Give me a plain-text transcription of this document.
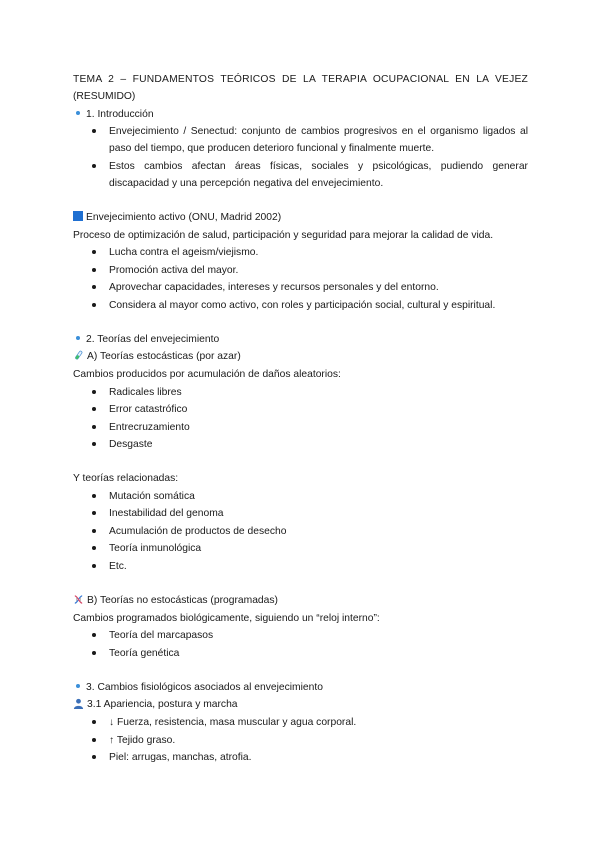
TEMA 2 – FUNDAMENTOS TEÓRICOS DE LA TERAPIA OCUPACIONAL EN LA VEJEZ
(RESUMIDO)
1. Introducción
Envejecimiento / Senectud: conjunto de cambios progresivos en el organismo ligados al
paso del tiempo, que producen deterioro funcional y finalmente muerte.
Estos cambios afectan áreas físicas, sociales y psicológicas, pudiendo generar
discapacidad y una percepción negativa del envejecimiento.
Envejecimiento activo (ONU, Madrid 2002)
Proceso de optimización de salud, participación y seguridad para mejorar la calidad de vida.
Lucha contra el ageism/viejismo.
Promoción activa del mayor.
Aprovechar capacidades, intereses y recursos personales y del entorno.
Considera al mayor como activo, con roles y participación social, cultural y espiritual.
2. Teorías del envejecimiento
A) Teorías estocásticas (por azar)
Cambios producidos por acumulación de daños aleatorios:
Radicales libres
Error catastrófico
Entrecruzamiento
Desgaste
Y teorías relacionadas:
Mutación somática
Inestabilidad del genoma
Acumulación de productos de desecho
Teoría inmunológica
Etc.
B) Teorías no estocásticas (programadas)
Cambios programados biológicamente, siguiendo un “reloj interno”:
Teoría del marcapasos
Teoría genética
3. Cambios fisiológicos asociados al envejecimiento
3.1 Apariencia, postura y marcha
↓ Fuerza, resistencia, masa muscular y agua corporal.
↑ Tejido graso.
Piel: arrugas, manchas, atrofia.
